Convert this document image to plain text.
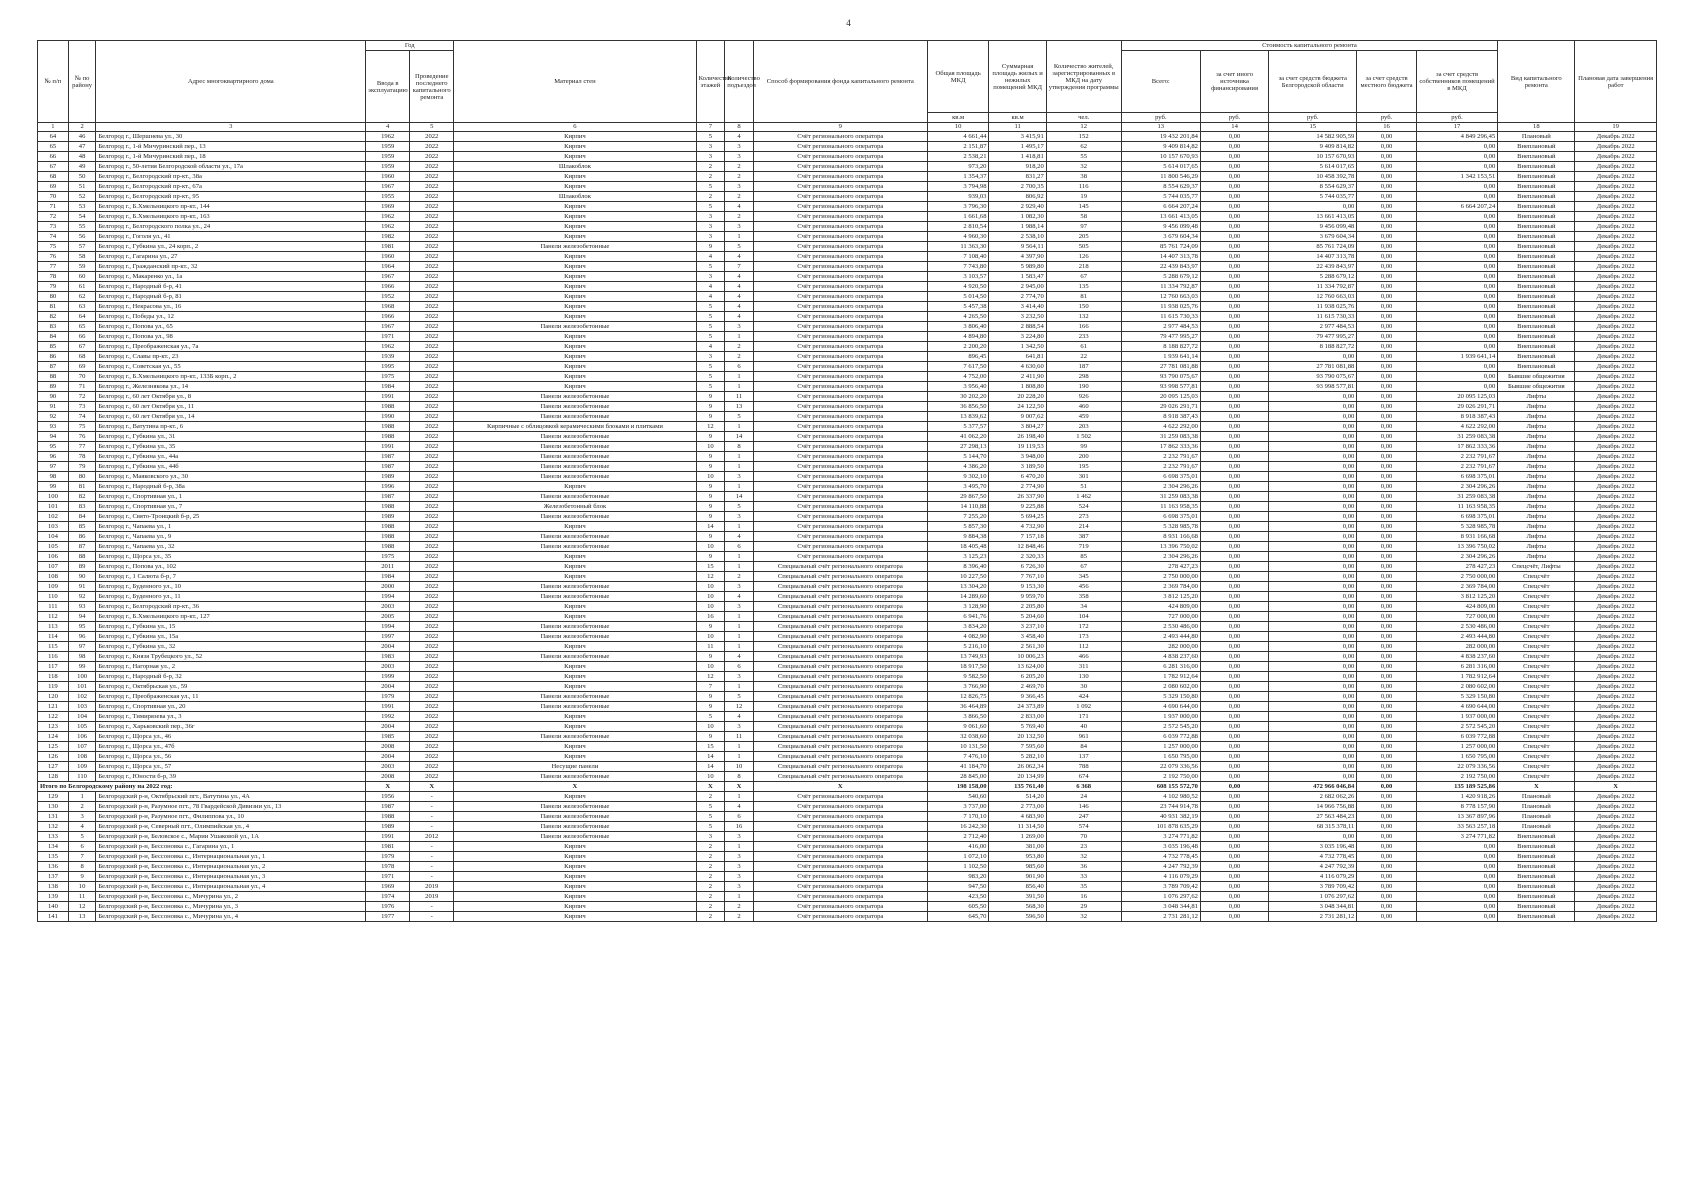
4
№ п/п	№ по району	Адрес многоквартирного дома	Год		Материал стен	Количество этажей	Количество подъездов	Способ формирования фонда капитального ремонта	Общая площадь МКД	Суммарная площадь жилых и нежилых помещений МКД	Количество жителей, зарегистрированных в МКД на дату утверждения программы	Стоимость капитального ремонта					Вид капитального ремонта	Плановая дата завершения работ
			Ввода в эксплуатацию	Проведение последнего капитального ремонта								Всего:	за счет иного источника финансирования	за счет средств бюджета Белгородской области	за счет средств местного бюджета	за счет средств собственников помещений в МКД		
									кв.м	кв.м	чел.	руб.	руб.	руб.	руб.	руб.		
1	2	3	4	5	6	7	8	9	10	11	12	13	14	15	16	17	18	19
64	46	Белгород г., Шершнева ул., 30	1962	2022	Кирпич	5	4	Счёт регионального оператора	4 661,44	3 415,91	152	19 432 201,84	0,00	14 582 905,59	0,00	4 849 296,45	Плановый	Декабрь 2022
65	47	Белгород г., 1-й Мичуринский пер., 13	1959	2022	Кирпич	3	3	Счёт регионального оператора	2 151,87	1 495,17	62	9 409 814,82	0,00	9 409 814,82	0,00	0,00	Внеплановый	Декабрь 2022
66	48	Белгород г., 1-й Мичуринский пер., 18	1959	2022	Кирпич	3	3	Счёт регионального оператора	2 538,21	1 418,81	55	10 157 670,93	0,00	10 157 670,93	0,00	0,00	Внеплановый	Декабрь 2022
67	49	Белгород г., 50-летия Белгородской области ул., 17а	1959	2022	Шлакоблок	2	2	Счёт регионального оператора	973,20	918,20	32	5 614 017,65	0,00	5 614 017,65	0,00	0,00	Внеплановый	Декабрь 2022
68	50	Белгород г., Белгородский пр-кт., 38а	1960	2022	Кирпич	2	2	Счёт регионального оператора	1 354,37	831,27	38	11 800 546,29	0,00	10 458 392,78	0,00	1 342 153,51	Внеплановый	Декабрь 2022
69	51	Белгород г., Белгородский пр-кт., 67а	1967	2022	Кирпич	5	3	Счёт регионального оператора	3 794,98	2 700,35	116	8 554 629,37	0,00	8 554 629,37	0,00	0,00	Внеплановый	Декабрь 2022
70	52	Белгород г., Белгородский пр-кт., 95	1955	2022	Шлакоблок	2	2	Счёт регионального оператора	939,03	806,92	19	5 744 035,77	0,00	5 744 035,77	0,00	0,00	Внеплановый	Декабрь 2022
71	53	Белгород г., Б.Хмельницкого пр-кт., 144	1969	2022	Кирпич	5	4	Счёт регионального оператора	3 796,30	2 929,40	145	6 664 207,24	0,00	0,00	0,00	6 664 207,24	Внеплановый	Декабрь 2022
72	54	Белгород г., Б.Хмельницкого пр-кт., 163	1962	2022	Кирпич	3	2	Счёт регионального оператора	1 661,68	1 082,30	58	13 661 413,05	0,00	13 661 413,05	0,00	0,00	Внеплановый	Декабрь 2022
73	55	Белгород г., Белгородского полка ул., 24	1962	2022	Кирпич	3	3	Счёт регионального оператора	2 810,54	1 988,14	97	9 456 099,48	0,00	9 456 099,48	0,00	0,00	Внеплановый	Декабрь 2022
74	56	Белгород г., Гоголя ул., 41	1982	2022	Кирпич	3	1	Счёт регионального оператора	4 960,30	2 538,10	205	3 679 604,34	0,00	3 679 604,34	0,00	0,00	Внеплановый	Декабрь 2022
75	57	Белгород г., Губкина ул., 24 корп., 2	1981	2022	Панели железобетонные	9	5	Счёт регионального оператора	11 363,30	9 564,11	505	85 761 724,09	0,00	85 761 724,09	0,00	0,00	Внеплановый	Декабрь 2022
76	58	Белгород г., Гагарина ул., 27	1960	2022	Кирпич	4	4	Счёт регионального оператора	7 108,40	4 397,90	126	14 407 313,78	0,00	14 407 313,78	0,00	0,00	Внеплановый	Декабрь 2022
77	59	Белгород г., Гражданский пр-кт., 32	1964	2022	Кирпич	5	7	Счёт регионального оператора	7 743,80	5 989,80	218	22 439 843,97	0,00	22 439 843,97	0,00	0,00	Внеплановый	Декабрь 2022
78	60	Белгород г., Макаренко ул., 1а	1967	2022	Кирпич	3	4	Счёт регионального оператора	3 103,57	1 583,47	67	5 288 679,12	0,00	5 288 679,12	0,00	0,00	Внеплановый	Декабрь 2022
79	61	Белгород г., Народный б-р, 41	1966	2022	Кирпич	4	4	Счёт регионального оператора	4 920,50	2 945,00	135	11 334 792,87	0,00	11 334 792,87	0,00	0,00	Внеплановый	Декабрь 2022
80	62	Белгород г., Народный б-р, 81	1952	2022	Кирпич	4	4	Счёт регионального оператора	5 014,50	2 774,70	81	12 760 663,03	0,00	12 760 663,03	0,00	0,00	Внеплановый	Декабрь 2022
81	63	Белгород г., Некрасова ул., 16	1968	2022	Кирпич	5	4	Счёт регионального оператора	5 457,38	3 414,40	150	11 938 025,76	0,00	11 938 025,76	0,00	0,00	Внеплановый	Декабрь 2022
82	64	Белгород г., Победы ул., 12	1966	2022	Кирпич	5	4	Счёт регионального оператора	4 265,50	3 232,50	132	11 615 730,33	0,00	11 615 730,33	0,00	0,00	Внеплановый	Декабрь 2022
83	65	Белгород г., Попова ул., 65	1967	2022	Панели железобетонные	5	3	Счёт регионального оператора	3 806,40	2 888,54	166	2 977 484,53	0,00	2 977 484,53	0,00	0,00	Внеплановый	Декабрь 2022
84	66	Белгород г., Попова ул., 98	1971	2022	Кирпич	5	1	Счёт регионального оператора	4 894,80	3 224,80	233	79 477 995,27	0,00	79 477 995,27	0,00	0,00	Внеплановый	Декабрь 2022
85	67	Белгород г., Преображенская ул., 7а	1962	2022	Кирпич	4	2	Счёт регионального оператора	2 200,20	1 342,50	61	8 188 827,72	0,00	8 188 827,72	0,00	0,00	Внеплановый	Декабрь 2022
86	68	Белгород г., Славы пр-кт., 23	1939	2022	Кирпич	3	2	Счёт регионального оператора	896,45	641,81	22	1 939 641,14	0,00	0,00	0,00	1 939 641,14	Внеплановый	Декабрь 2022
87	69	Белгород г., Советская ул., 55	1995	2022	Кирпич	5	6	Счёт регионального оператора	7 617,50	4 630,60	187	27 781 081,88	0,00	27 781 081,88	0,00	0,00	Внеплановый	Декабрь 2022
88	70	Белгород г., Б.Хмельницкого пр-кт., 133Б корп., 2	1975	2022	Кирпич	5	1	Счёт регионального оператора	4 752,00	2 411,90	298	93 790 075,67	0,00	93 790 075,67	0,00	0,00	Бывшие общежития	Декабрь 2022
89	71	Белгород г., Железнякова ул., 14	1984	2022	Кирпич	5	1	Счёт регионального оператора	3 956,40	1 808,80	190	93 998 577,81	0,00	93 998 577,81	0,00	0,00	Бывшие общежития	Декабрь 2022
90	72	Белгород г., 60 лет Октября ул., 8	1991	2022	Панели железобетонные	9	11	Счёт регионального оператора	30 202,20	20 228,20	926	20 095 125,03	0,00	0,00	0,00	20 095 125,03	Лифты	Декабрь 2022
91	73	Белгород г., 60 лет Октября ул., 11	1988	2022	Панели железобетонные	9	13	Счёт регионального оператора	36 856,50	24 122,50	460	29 026 291,71	0,00	0,00	0,00	29 026 291,71	Лифты	Декабрь 2022
92	74	Белгород г., 60 лет Октября ул., 14	1990	2022	Панели железобетонные	9	5	Счёт регионального оператора	13 839,62	9 007,62	459	8 918 387,43	0,00	0,00	0,00	8 918 387,43	Лифты	Декабрь 2022
93	75	Белгород г., Ватутина пр-кт., 6	1988	2022	Кирпичные с облицовкой керамическими блоками и плитками	12	1	Счёт регионального оператора	5 377,57	3 804,27	203	4 622 292,00	0,00	0,00	0,00	4 622 292,00	Лифты	Декабрь 2022
94	76	Белгород г., Губкина ул., 31	1988	2022	Панели железобетонные	9	14	Счёт регионального оператора	41 062,20	26 198,40	1 502	31 259 083,38	0,00	0,00	0,00	31 259 083,38	Лифты	Декабрь 2022
95	77	Белгород г., Губкина ул., 35	1991	2022	Панели железобетонные	10	8	Счёт регионального оператора	27 298,13	19 119,53	99	17 862 333,36	0,00	0,00	0,00	17 862 333,36	Лифты	Декабрь 2022
96	78	Белгород г., Губкина ул., 44а	1987	2022	Панели железобетонные	9	1	Счёт регионального оператора	5 144,70	3 948,00	200	2 232 791,67	0,00	0,00	0,00	2 232 791,67	Лифты	Декабрь 2022
97	79	Белгород г., Губкина ул., 44б	1987	2022	Панели железобетонные	9	1	Счёт регионального оператора	4 386,20	3 189,50	195	2 232 791,67	0,00	0,00	0,00	2 232 791,67	Лифты	Декабрь 2022
98	80	Белгород г., Маяковского ул., 30	1989	2022	Панели железобетонные	10	3	Счёт регионального оператора	9 302,10	6 470,20	301	6 698 375,01	0,00	0,00	0,00	6 698 375,01	Лифты	Декабрь 2022
99	81	Белгород г., Народный б-р, 38а	1996	2022	Кирпич	9	1	Счёт регионального оператора	3 495,70	2 774,90	51	2 304 296,26	0,00	0,00	0,00	2 304 296,26	Лифты	Декабрь 2022
100	82	Белгород г., Спортивная ул., 1	1987	2022	Панели железобетонные	9	14	Счёт регионального оператора	29 867,50	26 337,90	1 462	31 259 083,38	0,00	0,00	0,00	31 259 083,38	Лифты	Декабрь 2022
101	83	Белгород г., Спортивная ул., 7	1988	2022	Железобетонный блок	9	5	Счёт регионального оператора	14 110,88	9 225,88	524	11 163 958,35	0,00	0,00	0,00	11 163 958,35	Лифты	Декабрь 2022
102	84	Белгород г., Свято-Троицкий б-р, 25	1989	2022	Панели железобетонные	9	3	Счёт регионального оператора	7 255,20	5 694,25	273	6 698 375,01	0,00	0,00	0,00	6 698 375,01	Лифты	Декабрь 2022
103	85	Белгород г., Чапаева ул., 1	1988	2022	Кирпич	14	1	Счёт регионального оператора	5 857,30	4 732,90	214	5 328 985,78	0,00	0,00	0,00	5 328 985,78	Лифты	Декабрь 2022
104	86	Белгород г., Чапаева ул., 9	1988	2022	Панели железобетонные	9	4	Счёт регионального оператора	9 884,38	7 157,18	387	8 931 166,68	0,00	0,00	0,00	8 931 166,68	Лифты	Декабрь 2022
105	87	Белгород г., Чапаева ул., 32	1988	2022	Панели железобетонные	10	6	Счёт регионального оператора	18 405,48	12 848,46	719	13 396 750,02	0,00	0,00	0,00	13 396 750,02	Лифты	Декабрь 2022
106	88	Белгород г., Щорса ул., 35	1975	2022	Кирпич	9	1	Счёт регионального оператора	3 125,23	2 320,33	85	2 304 296,26	0,00	0,00	0,00	2 304 296,26	Лифты	Декабрь 2022
107	89	Белгород г., Попова ул., 102	2011	2022	Кирпич	15	1	Специальный счёт регионального оператора	8 396,40	6 726,30	67	278 427,23	0,00	0,00	0,00	278 427,23	Спецсчёт, Лифты	Декабрь 2022
108	90	Белгород г., 1 Салюта б-р, 7	1984	2022	Кирпич	12	2	Специальный счёт регионального оператора	10 227,50	7 767,10	345	2 750 000,00	0,00	0,00	0,00	2 750 000,00	Спецсчёт	Декабрь 2022
109	91	Белгород г., Буденного ул., 10	2000	2022	Панели железобетонные	10	3	Специальный счёт регионального оператора	13 304,20	9 153,30	456	2 369 784,00	0,00	0,00	0,00	2 369 784,00	Спецсчёт	Декабрь 2022
110	92	Белгород г., Буденного ул., 11	1994	2022	Панели железобетонные	10	4	Специальный счёт регионального оператора	14 289,60	9 959,70	358	3 812 125,20	0,00	0,00	0,00	3 812 125,20	Спецсчёт	Декабрь 2022
111	93	Белгород г., Белгородский пр-кт., 36	2003	2022	Кирпич	10	3	Специальный счёт регионального оператора	3 128,90	2 205,80	34	424 809,00	0,00	0,00	0,00	424 809,00	Спецсчёт	Декабрь 2022
112	94	Белгород г., Б.Хмельницкого пр-кт., 127	2005	2022	Кирпич	16	1	Специальный счёт регионального оператора	6 941,76	5 204,60	104	727 000,00	0,00	0,00	0,00	727 000,00	Спецсчёт	Декабрь 2022
113	95	Белгород г., Губкина ул., 15	1994	2022	Панели железобетонные	9	1	Специальный счёт регионального оператора	3 834,20	3 237,10	172	2 530 486,00	0,00	0,00	0,00	2 530 486,00	Спецсчёт	Декабрь 2022
114	96	Белгород г., Губкина ул., 15а	1997	2022	Панели железобетонные	10	1	Специальный счёт регионального оператора	4 082,90	3 458,40	173	2 493 444,80	0,00	0,00	0,00	2 493 444,80	Спецсчёт	Декабрь 2022
115	97	Белгород г., Губкина ул., 32	2004	2022	Кирпич	11	1	Специальный счёт регионального оператора	5 216,10	2 561,30	112	282 000,00	0,00	0,00	0,00	282 000,00	Спецсчёт	Декабрь 2022
116	98	Белгород г., Князя Трубецкого ул., 52	1983	2022	Панели железобетонные	9	4	Специальный счёт регионального оператора	13 749,93	10 006,23	466	4 838 237,60	0,00	0,00	0,00	4 838 237,60	Спецсчёт	Декабрь 2022
117	99	Белгород г., Нагорная ул., 2	2003	2022	Кирпич	10	6	Специальный счёт регионального оператора	18 917,50	13 624,00	311	6 281 316,00	0,00	0,00	0,00	6 281 316,00	Спецсчёт	Декабрь 2022
118	100	Белгород г., Народный б-р, 32	1999	2022	Кирпич	12	3	Специальный счёт регионального оператора	9 582,50	6 205,20	130	1 782 912,64	0,00	0,00	0,00	1 782 912,64	Спецсчёт	Декабрь 2022
119	101	Белгород г., Октябрьская ул., 59	2004	2022	Кирпич	7	1	Специальный счёт регионального оператора	3 766,90	2 469,70	30	2 080 602,00	0,00	0,00	0,00	2 080 602,00	Спецсчёт	Декабрь 2022
120	102	Белгород г., Преображенская ул., 11	1979	2022	Панели железобетонные	9	5	Специальный счёт регионального оператора	12 826,75	9 366,45	424	5 329 150,80	0,00	0,00	0,00	5 329 150,80	Спецсчёт	Декабрь 2022
121	103	Белгород г., Спортивная ул., 20	1991	2022	Панели железобетонные	9	12	Специальный счёт регионального оператора	36 464,89	24 373,89	1 092	4 690 644,00	0,00	0,00	0,00	4 690 644,00	Спецсчёт	Декабрь 2022
122	104	Белгород г., Тимирязева ул., 3	1992	2022	Кирпич	5	4	Специальный счёт регионального оператора	3 866,50	2 833,00	171	1 937 000,00	0,00	0,00	0,00	1 937 000,00	Спецсчёт	Декабрь 2022
123	105	Белгород г., Харьковский пер., 36г	2004	2022	Кирпич	10	3	Специальный счёт регионального оператора	9 061,60	5 769,40	40	2 572 545,20	0,00	0,00	0,00	2 572 545,20	Спецсчёт	Декабрь 2022
124	106	Белгород г., Щорса ул., 46	1985	2022	Панели железобетонные	9	11	Специальный счёт регионального оператора	32 038,60	20 132,50	961	6 039 772,88	0,00	0,00	0,00	6 039 772,88	Спецсчёт	Декабрь 2022
125	107	Белгород г., Щорса ул., 47б	2008	2022	Кирпич	15	1	Специальный счёт регионального оператора	10 131,50	7 595,60	84	1 257 000,00	0,00	0,00	0,00	1 257 000,00	Спецсчёт	Декабрь 2022
126	108	Белгород г., Щорса ул., 56	2004	2022	Кирпич	14	1	Специальный счёт регионального оператора	7 476,10	5 282,10	137	1 650 795,00	0,00	0,00	0,00	1 650 795,00	Спецсчёт	Декабрь 2022
127	109	Белгород г., Щорса ул., 57	2003	2022	Несущие панели	14	10	Специальный счёт регионального оператора	41 184,70	26 062,34	788	22 079 336,56	0,00	0,00	0,00	22 079 336,56	Спецсчёт	Декабрь 2022
128	110	Белгород г., Юности б-р, 39	2008	2022	Панели железобетонные	10	8	Специальный счёт регионального оператора	28 845,00	20 134,99	674	2 192 750,00	0,00	0,00	0,00	2 192 750,00	Спецсчёт	Декабрь 2022
Итого по Белгородскому району на 2022 год:			X	X	X	X	X	X	198 158,00	135 761,40	6 368	608 155 572,70	0,00	472 966 046,84	0,00	135 189 525,86	X	X
129	1	Белгородский р-н, Октябрьский пгт., Ватутина ул., 4А	1956	-	Кирпич	2	1	Счёт регионального оператора	540,60	514,20	24	4 102 980,52	0,00	2 682 062,26	0,00	1 420 918,26	Плановый	Декабрь 2022
130	2	Белгородский р-н, Разумное пгт., 78 Гвардейской Дивизии ул., 13	1987	-	Панели железобетонные	5	4	Счёт регионального оператора	3 737,00	2 773,00	146	23 744 914,78	0,00	14 966 756,88	0,00	8 778 157,90	Плановый	Декабрь 2022
131	3	Белгородский р-н, Разумное пгт., Филиппова ул., 10	1988	-	Панели железобетонные	5	6	Счёт регионального оператора	7 170,10	4 683,90	247	40 931 382,19	0,00	27 563 484,23	0,00	13 367 897,96	Плановый	Декабрь 2022
132	4	Белгородский р-н, Северный пгт., Олимпийская ул., 4	1989	-	Панели железобетонные	5	16	Счёт регионального оператора	16 242,30	11 314,50	574	101 878 635,29	0,00	68 315 378,11	0,00	33 563 257,18	Плановый	Декабрь 2022
133	5	Белгородский р-н, Беловское с., Марии Ушаковой ул., 1А	1991	2012	Панели железобетонные	3	3	Счёт регионального оператора	2 712,40	1 269,00	70	3 274 771,82	0,00	0,00	0,00	3 274 771,82	Внеплановый	Декабрь 2022
134	6	Белгородский р-н, Бессоновка с., Гагарина ул., 1	1981	-	Кирпич	2	1	Счёт регионального оператора	416,00	381,00	23	3 035 196,48	0,00	3 035 196,48	0,00	0,00	Внеплановый	Декабрь 2022
135	7	Белгородский р-н, Бессоновка с., Интернациональная ул., 1	1979	-	Кирпич	2	3	Счёт регионального оператора	1 072,10	953,80	32	4 732 778,45	0,00	4 732 778,45	0,00	0,00	Внеплановый	Декабрь 2022
136	8	Белгородский р-н, Бессоновка с., Интернациональная ул., 2	1978	-	Кирпич	2	3	Счёт регионального оператора	1 102,50	985,60	36	4 247 792,39	0,00	4 247 792,39	0,00	0,00	Внеплановый	Декабрь 2022
137	9	Белгородский р-н, Бессоновка с., Интернациональная ул., 3	1971	-	Кирпич	2	3	Счёт регионального оператора	983,20	901,90	33	4 116 079,29	0,00	4 116 079,29	0,00	0,00	Внеплановый	Декабрь 2022
138	10	Белгородский р-н, Бессоновка с., Интернациональная ул., 4	1969	2019	Кирпич	2	3	Счёт регионального оператора	947,50	856,40	35	3 789 709,42	0,00	3 789 709,42	0,00	0,00	Внеплановый	Декабрь 2022
139	11	Белгородский р-н, Бессоновка с., Мичурина ул., 2	1974	2019	Кирпич	2	1	Счёт регионального оператора	423,50	391,50	16	1 076 297,62	0,00	1 076 297,62	0,00	0,00	Внеплановый	Декабрь 2022
140	12	Белгородский р-н, Бессоновка с., Мичурина ул., 3	1976	-	Кирпич	2	2	Счёт регионального оператора	605,50	568,30	29	3 048 344,81	0,00	3 048 344,81	0,00	0,00	Внеплановый	Декабрь 2022
141	13	Белгородский р-н, Бессоновка с., Мичурина ул., 4	1977	-	Кирпич	2	2	Счёт регионального оператора	645,70	596,50	32	2 731 281,12	0,00	2 731 281,12	0,00	0,00	Внеплановый	Декабрь 2022
